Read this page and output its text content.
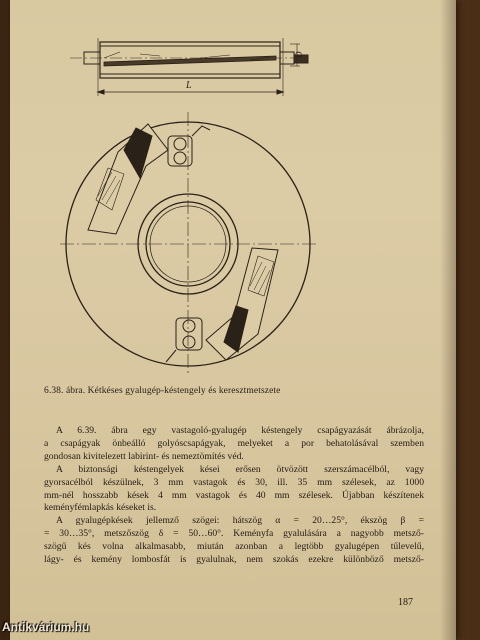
L
D
6.38. ábra. Kétkéses gyalugép-késtengely és keresztmetszete
A 6.39. ábra egy vastagoló-gyalugép késtengely csapágyazását ábrázolja,
a csapágyak önbeálló golyóscsapágyak, melyeket a por behatolásával szemben
gondosan kivitelezett labirint- és nemeztömítés véd.
A biztonsági késtengelyek kései erősen ötvözött szerszámacélból, vagy
gyorsacélból készülnek, 3 mm vastagok és 30, ill. 35 mm szélesek, az 1000
mm-nél hosszabb kések 4 mm vastagok és 40 mm szélesek. Újabban készítenek
keményfémlapkás késeket is.
A gyalugépkések jellemző szögei: hátszög α = 20…25°, ékszög β =
= 30…35°, metszőszög δ = 50…60°. Keményfa gyalulására a nagyobb metsző-
szögű kés volna alkalmasabb, miután azonban a legtöbb gyalugépen tűlevelű,
lágy- és kemény lombosfát is gyalulnak, nem szokás ezekre különböző metsző-
187
Antikvárium.hu
